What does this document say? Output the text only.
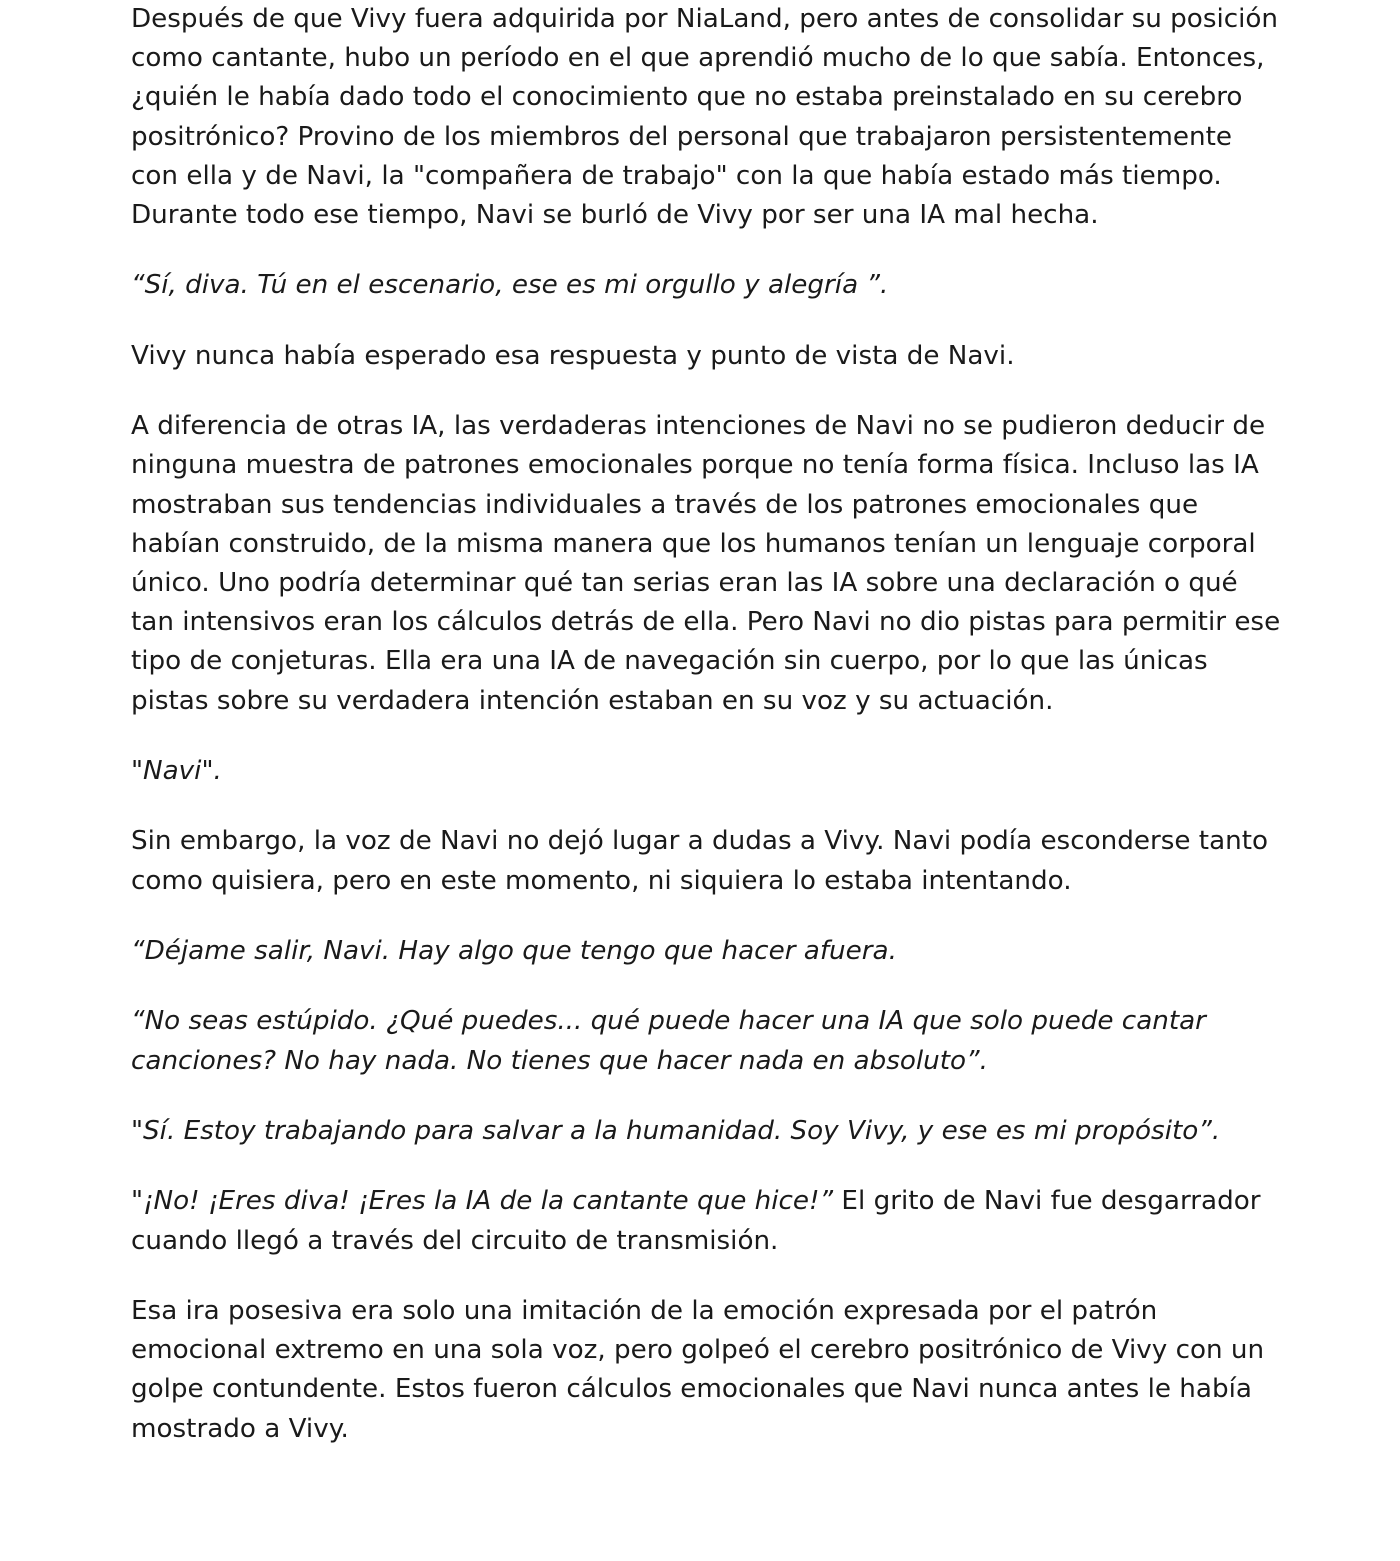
Después de que Vivy fuera adquirida por NiaLand, pero antes de consolidar su posición como cantante, hubo un período en el que aprendió mucho de lo que sabía. Entonces, ¿quién le había dado todo el conocimiento que no estaba preinstalado en su cerebro positrónico? Provino de los miembros del personal que trabajaron persistentemente con ella y de Navi, la "compañera de trabajo" con la que había estado más tiempo. Durante todo ese tiempo, Navi se burló de Vivy por ser una IA mal hecha.

“Sí, diva. Tú en el escenario, ese es mi orgullo y alegría ”.

Vivy nunca había esperado esa respuesta y punto de vista de Navi.

A diferencia de otras IA, las verdaderas intenciones de Navi no se pudieron deducir de ninguna muestra de patrones emocionales porque no tenía forma física. Incluso las IA mostraban sus tendencias individuales a través de los patrones emocionales que habían construido, de la misma manera que los humanos tenían un lenguaje corporal único. Uno podría determinar qué tan serias eran las IA sobre una declaración o qué tan intensivos eran los cálculos detrás de ella. Pero Navi no dio pistas para permitir ese tipo de conjeturas. Ella era una IA de navegación sin cuerpo, por lo que las únicas pistas sobre su verdadera intención estaban en su voz y su actuación.

"Navi".

Sin embargo, la voz de Navi no dejó lugar a dudas a Vivy. Navi podía esconderse tanto como quisiera, pero en este momento, ni siquiera lo estaba intentando.

“Déjame salir, Navi. Hay algo que tengo que hacer afuera.

“No seas estúpido. ¿Qué puedes... qué puede hacer una IA que solo puede cantar canciones? No hay nada. No tienes que hacer nada en absoluto”.

"Sí. Estoy trabajando para salvar a la humanidad. Soy Vivy, y ese es mi propósito”.

"¡No! ¡Eres diva! ¡Eres la IA de la cantante que hice!” El grito de Navi fue desgarrador cuando llegó a través del circuito de transmisión.

Esa ira posesiva era solo una imitación de la emoción expresada por el patrón emocional extremo en una sola voz, pero golpeó el cerebro positrónico de Vivy con un golpe contundente. Estos fueron cálculos emocionales que Navi nunca antes le había mostrado a Vivy.
